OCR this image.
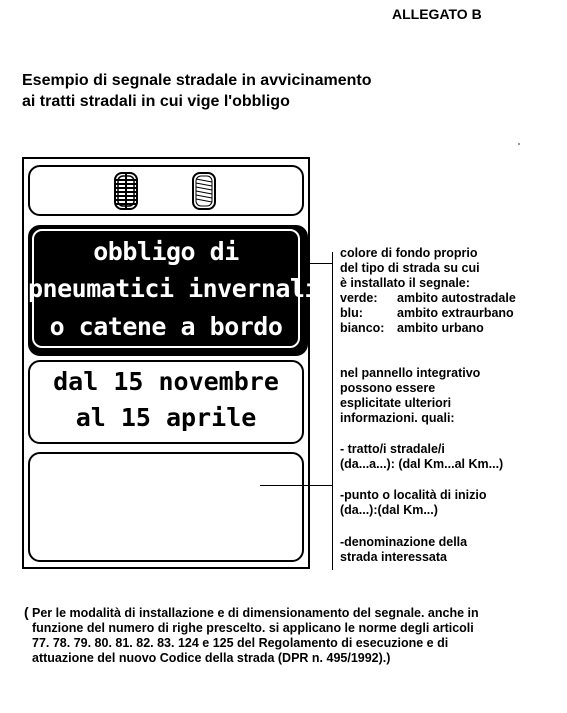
ALLEGATO B
Esempio di segnale stradale in avvicinamento
ai tratti stradali in cui vige l'obbligo
obbligo di
pneumatici invernali
o catene a bordo
dal 15 novembre
al 15 aprile
colore di fondo proprio
del tipo di strada su cui
è installato il segnale:
verde: ambito autostradale
blu:	ambito extraurbano
bianco: ambito urbano
nel pannello integrativo
possono essere
esplicitate ulteriori
informazioni. quali:
- tratto/i stradale/i
(da...a...): (dal Km...al Km...)
-punto o località di inizio
(da...):(dal Km...)
-denominazione della
strada interessata
( Per le modalità di installazione e di dimensionamento del segnale. anche in
funzione del numero di righe prescelto. si applicano le norme degli articoli
77. 78. 79. 80. 81. 82. 83. 124 e 125 del Regolamento di esecuzione e di
attuazione del nuovo Codice della strada (DPR n. 495/1992).)
